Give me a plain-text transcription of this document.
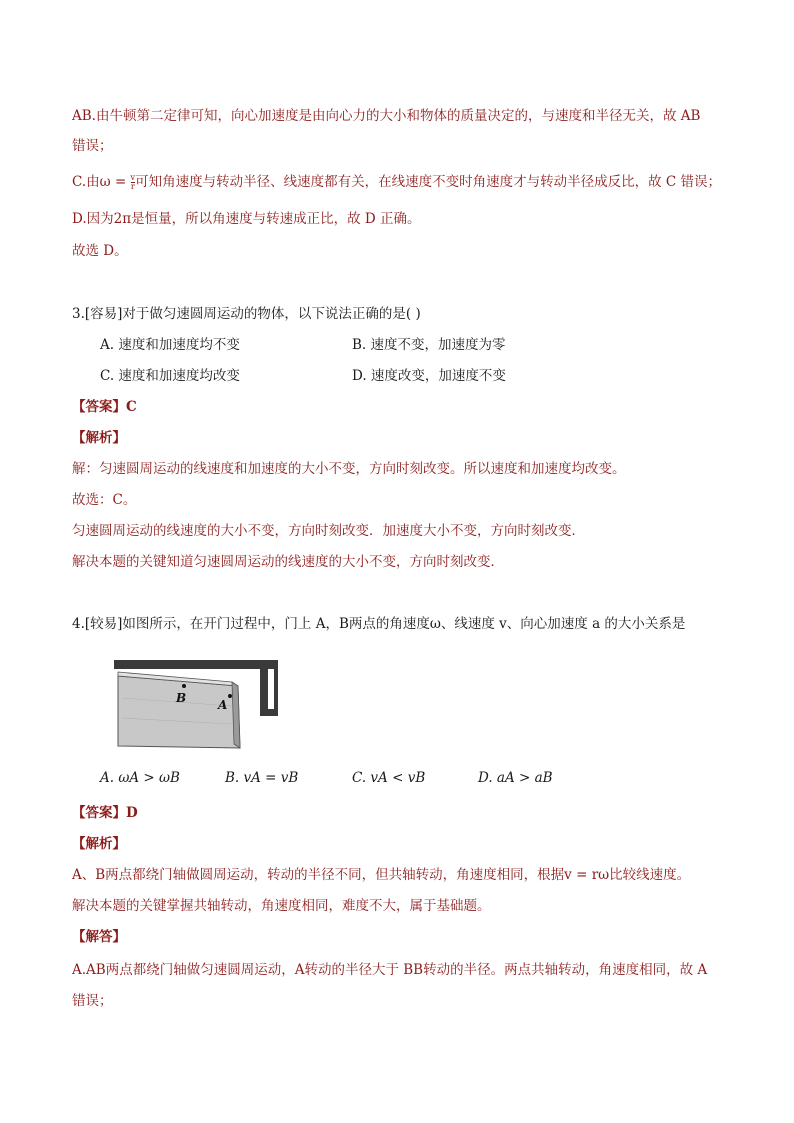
AB.由牛顿第二定律可知，向心加速度是由向心力的大小和物体的质量决定的，与速度和半径无关，故 AB
错误；
C.由$\omega = \frac{v}{r}$ 可知角速度与转动半径、线速度都有关，在线速度不变时角速度才与转动半径成反比，故 C 错误；
D.因为2π是恒量，所以角速度与转速成正比，故 D 正确。
故选 D。
3.[容易]对于做匀速圆周运动的物体，以下说法正确的是( )
A. 速度和加速度均不变	B. 速度不变，加速度为零
C. 速度和加速度均改变	D. 速度改变，加速度不变
【答案】C
【解析】
解：匀速圆周运动的线速度和加速度的大小不变，方向时刻改变。所以速度和加速度均改变。
故选：C。
匀速圆周运动的线速度的大小不变，方向时刻改变．加速度大小不变，方向时刻改变．
解决本题的关键知道匀速圆周运动的线速度的大小不变，方向时刻改变．
4.[较易]如图所示，在开门过程中，门上 A，B两点的角速度ω、线速度 v、向心加速度 a 的大小关系是
B	A
A. ωA > ωB	B. vA = vB	C. vA < vB	D. aA > aB
【答案】D
【解析】
A、B两点都绕门轴做圆周运动，转动的半径不同，但共轴转动，角速度相同，根据v = rω比较线速度。
解决本题的关键掌握共轴转动，角速度相同，难度不大，属于基础题。
【解答】
A.AB两点都绕门轴做匀速圆周运动，A转动的半径大于 BB转动的半径。两点共轴转动，角速度相同，故 A
错误；
